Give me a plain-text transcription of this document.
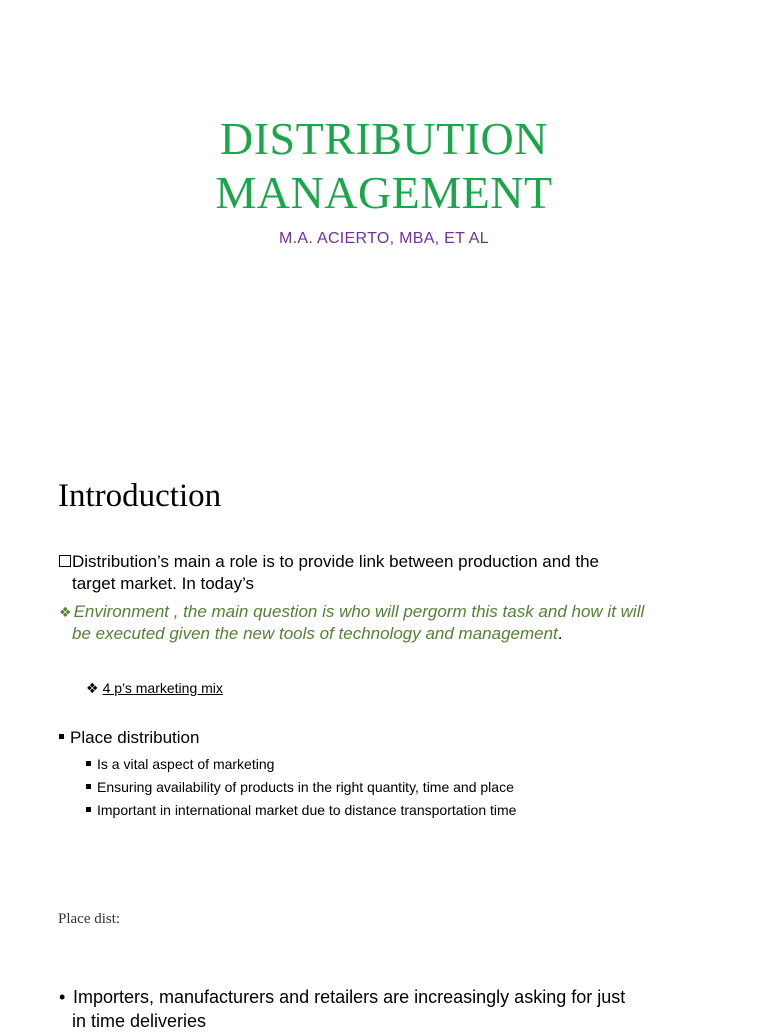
DISTRIBUTION
MANAGEMENT
M.A. ACIERTO, MBA, ET AL
Introduction
Distribution’s main a role is to provide link between production and the
target market. In today’s
❖ Environment , the main question is who will pergorm this task and how it will
be executed given the new tools of technology and management.
❖ 4 p’s marketing mix
Place distribution
Is a vital aspect of marketing
Ensuring availability of products in the right quantity, time and place
Important in international market due to distance transportation time
Place dist:
• Importers, manufacturers and retailers are increasingly asking for just
in time deliveries
